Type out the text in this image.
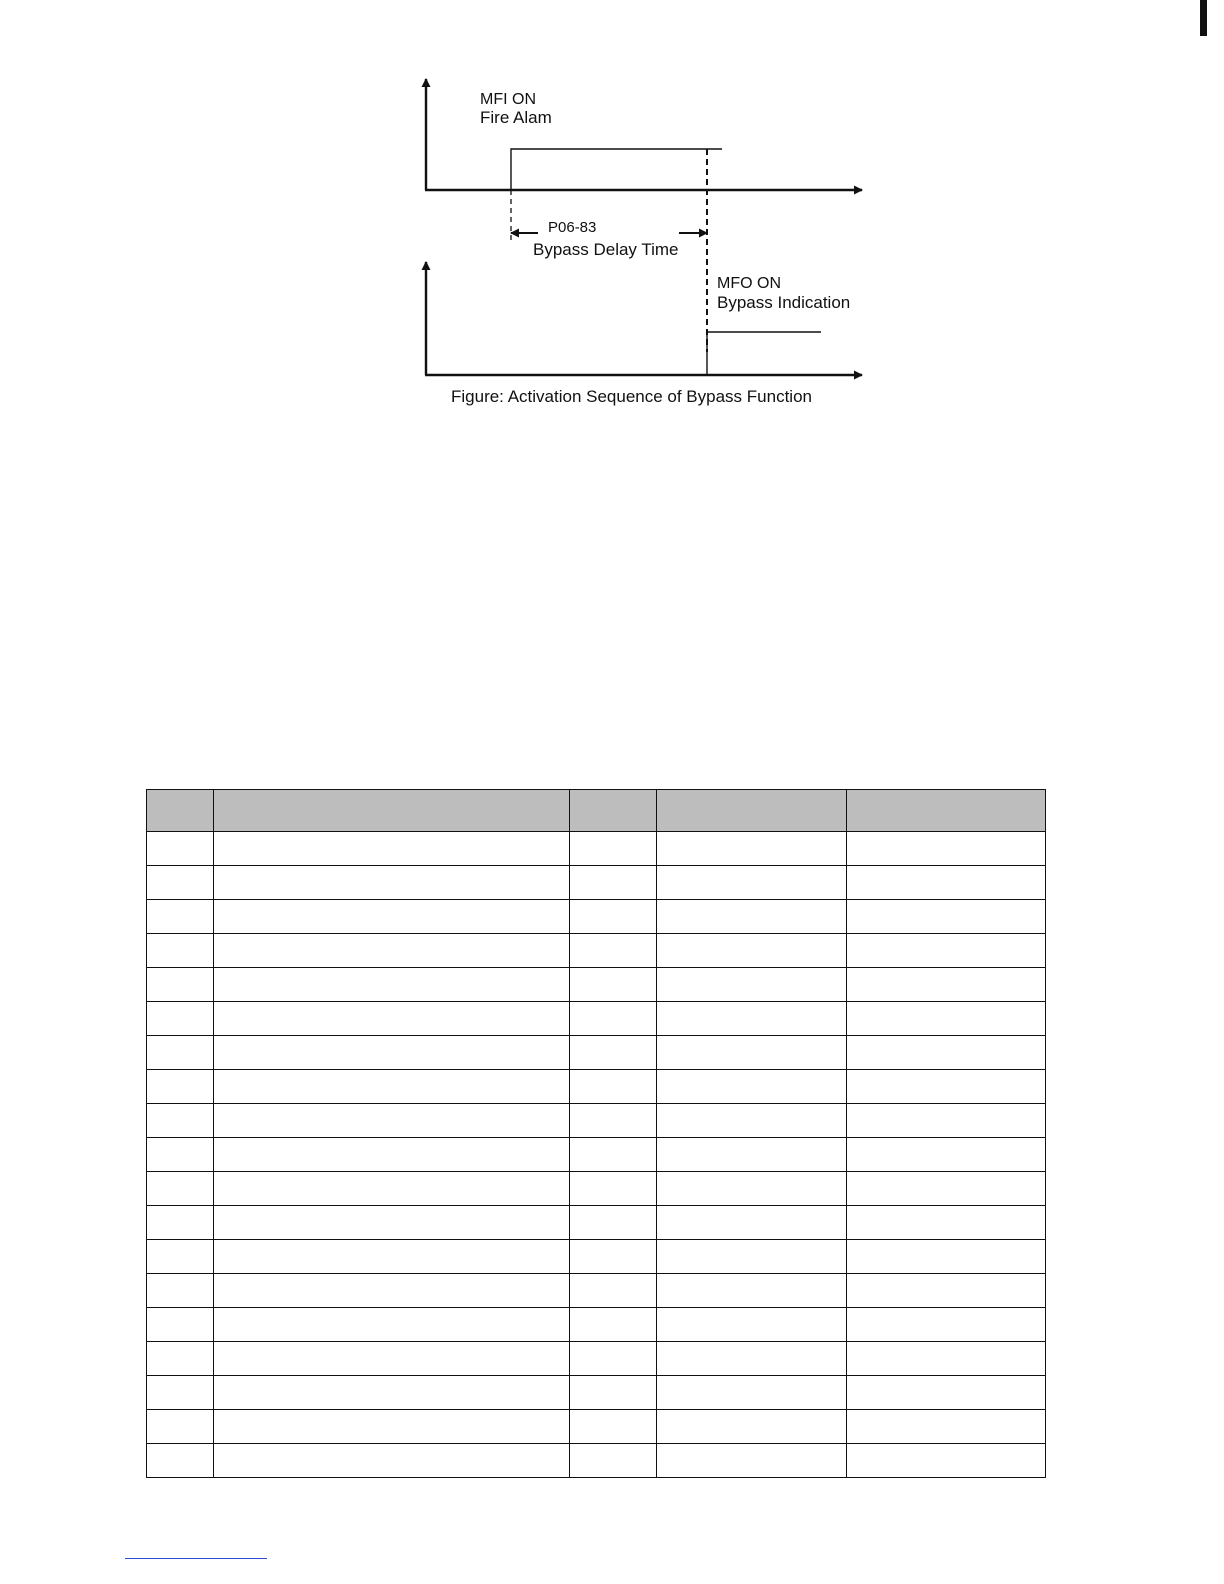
MFI ON
Fire Alam
P06-83
Bypass Delay Time
MFO ON
Bypass Indication
Figure: Activation Sequence of Bypass Function
